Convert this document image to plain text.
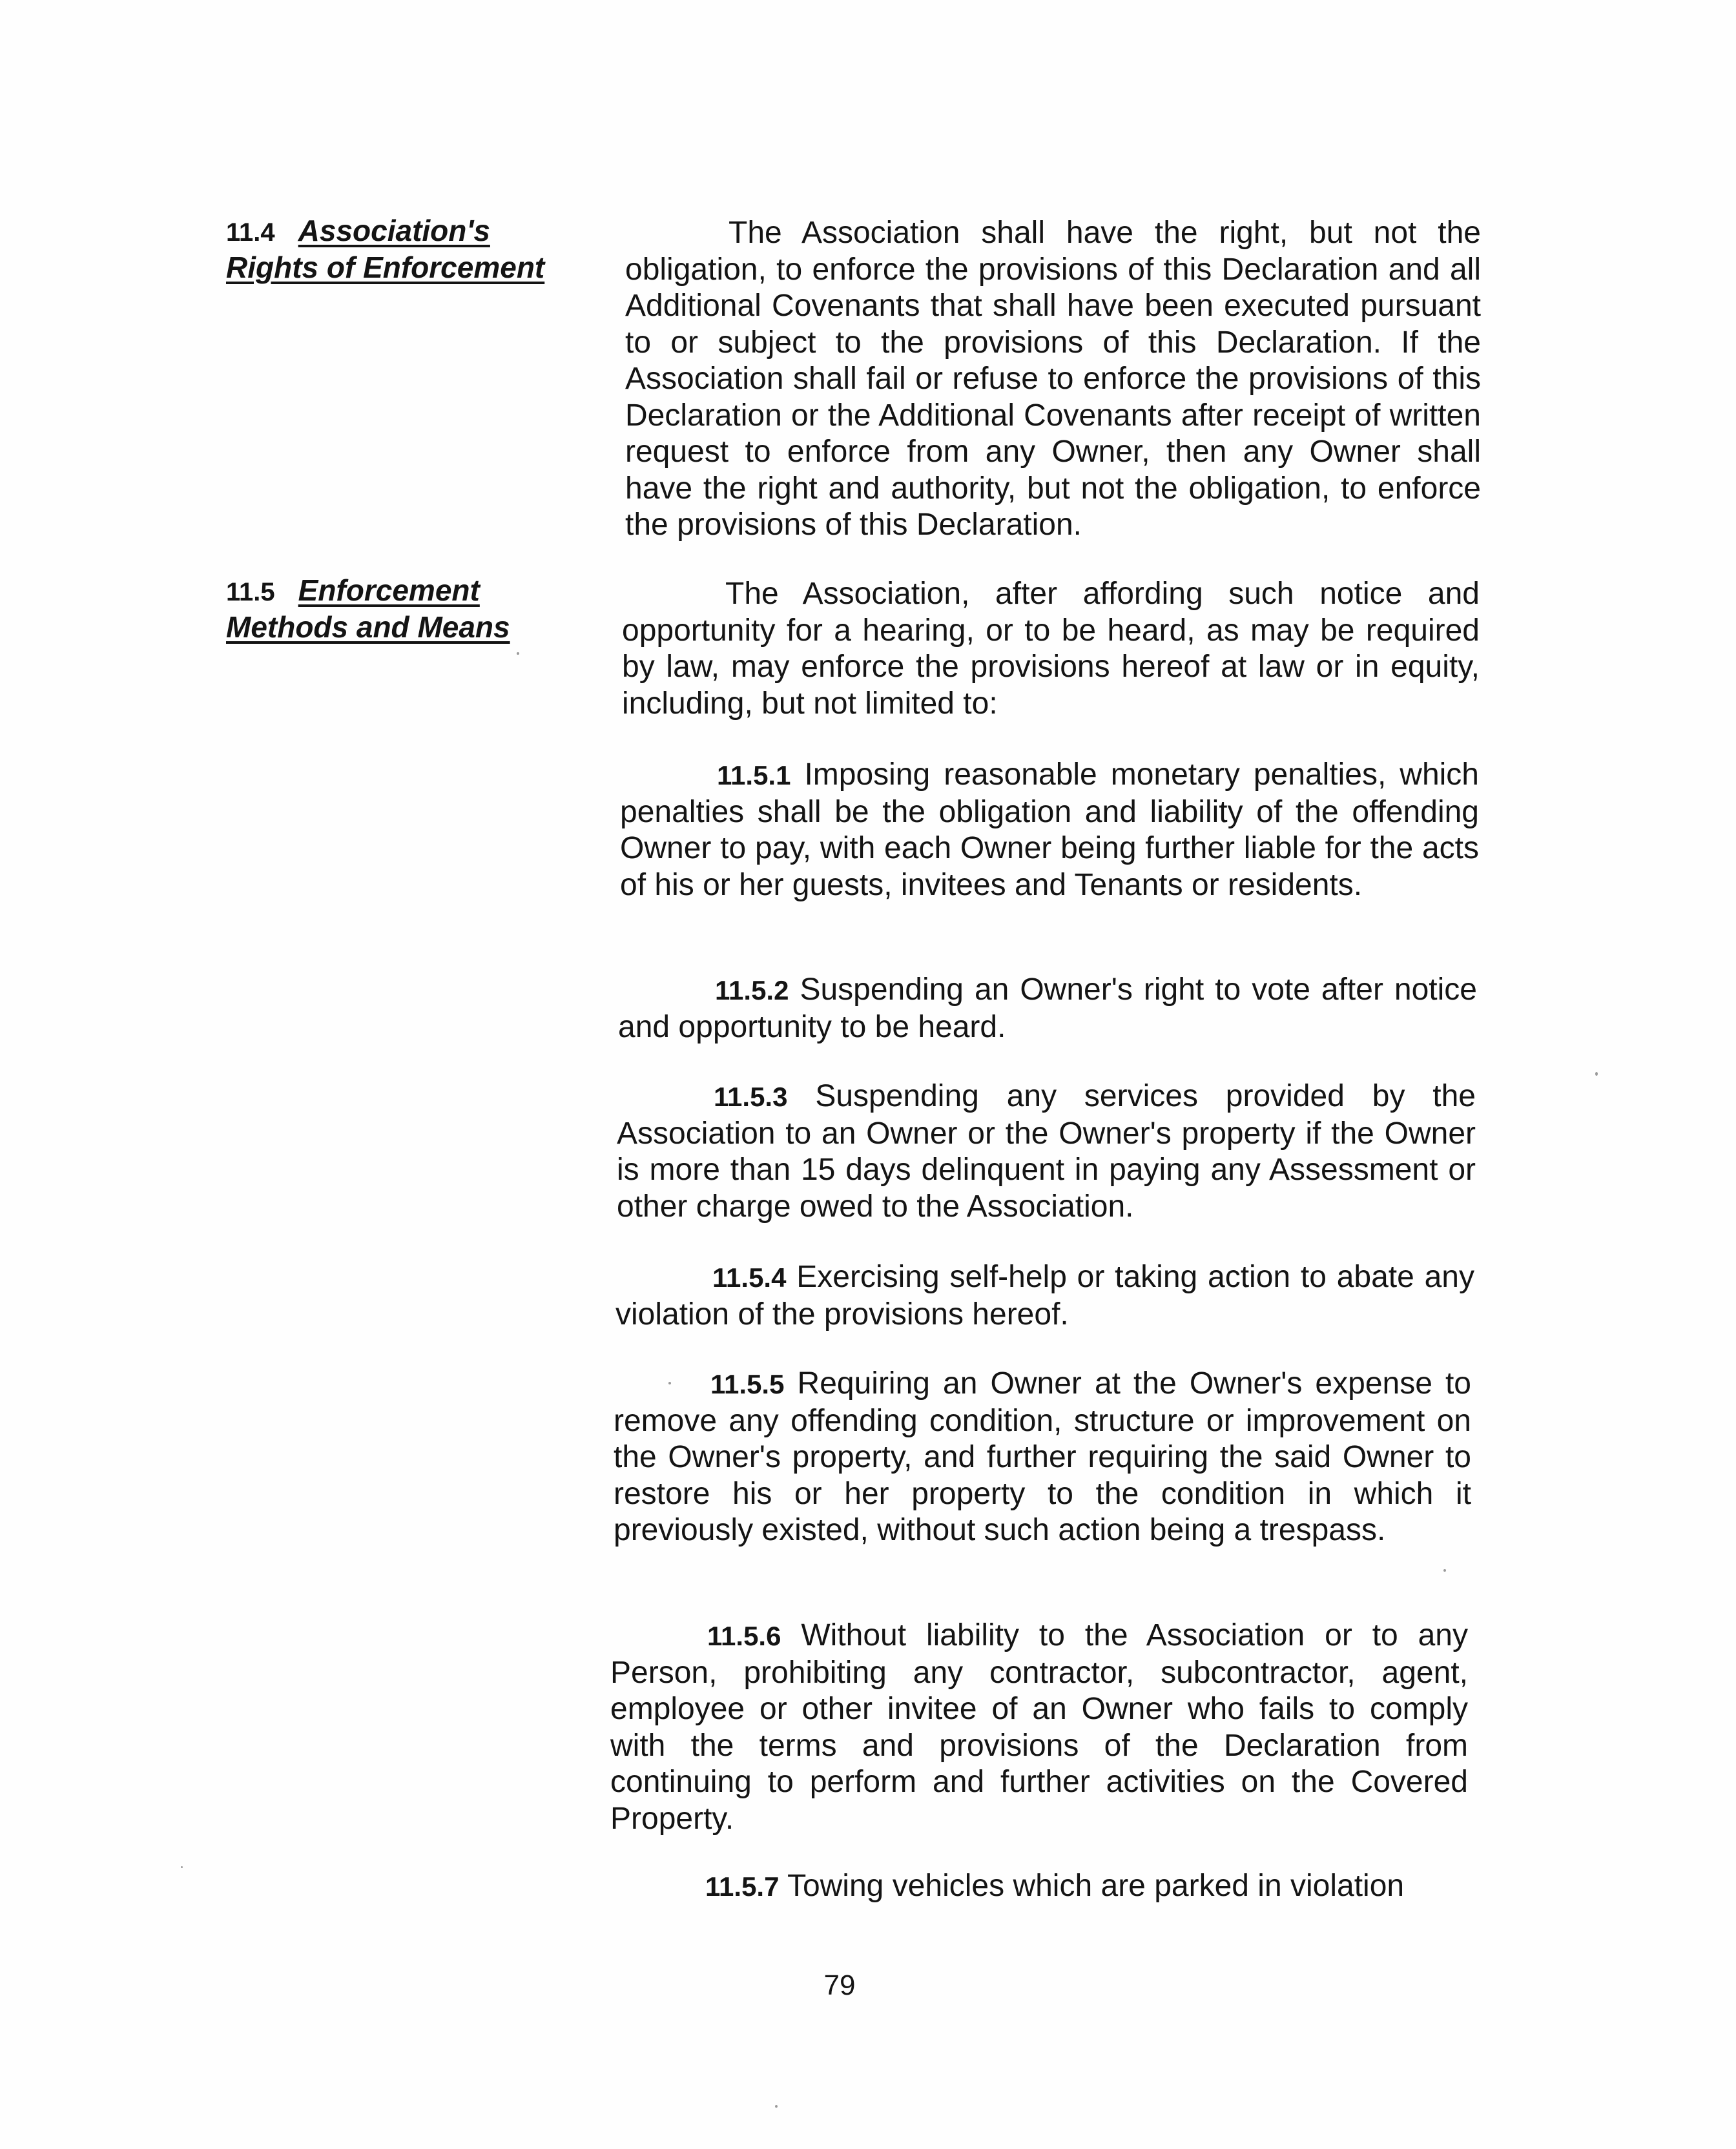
11.4 Association's
Rights of Enforcement

The Association shall have the right, but not the obligation, to enforce the provisions of this Declaration and all Additional Covenants that shall have been executed pursuant to or subject to the provisions of this Declaration. If the Association shall fail or refuse to enforce the provisions of this Declaration or the Additional Covenants after receipt of written request to enforce from any Owner, then any Owner shall have the right and authority, but not the obligation, to enforce the provisions of this Declaration.

11.5 Enforcement
Methods and Means

The Association, after affording such notice and opportunity for a hearing, or to be heard, as may be required by law, may enforce the provisions hereof at law or in equity, including, but not limited to:

11.5.1 Imposing reasonable monetary penalties, which penalties shall be the obligation and liability of the offending Owner to pay, with each Owner being further liable for the acts of his or her guests, invitees and Tenants or residents.

11.5.2 Suspending an Owner's right to vote after notice and opportunity to be heard.

11.5.3 Suspending any services provided by the Association to an Owner or the Owner's property if the Owner is more than 15 days delinquent in paying any Assessment or other charge owed to the Association.

11.5.4 Exercising self-help or taking action to abate any violation of the provisions hereof.

11.5.5 Requiring an Owner at the Owner's expense to remove any offending condition, structure or improvement on the Owner's property, and further requiring the said Owner to restore his or her property to the condition in which it previously existed, without such action being a trespass.

11.5.6 Without liability to the Association or to any Person, prohibiting any contractor, subcontractor, agent, employee or other invitee of an Owner who fails to comply with the terms and provisions of the Declaration from continuing to perform and further activities on the Covered Property.

11.5.7 Towing vehicles which are parked in violation

79
